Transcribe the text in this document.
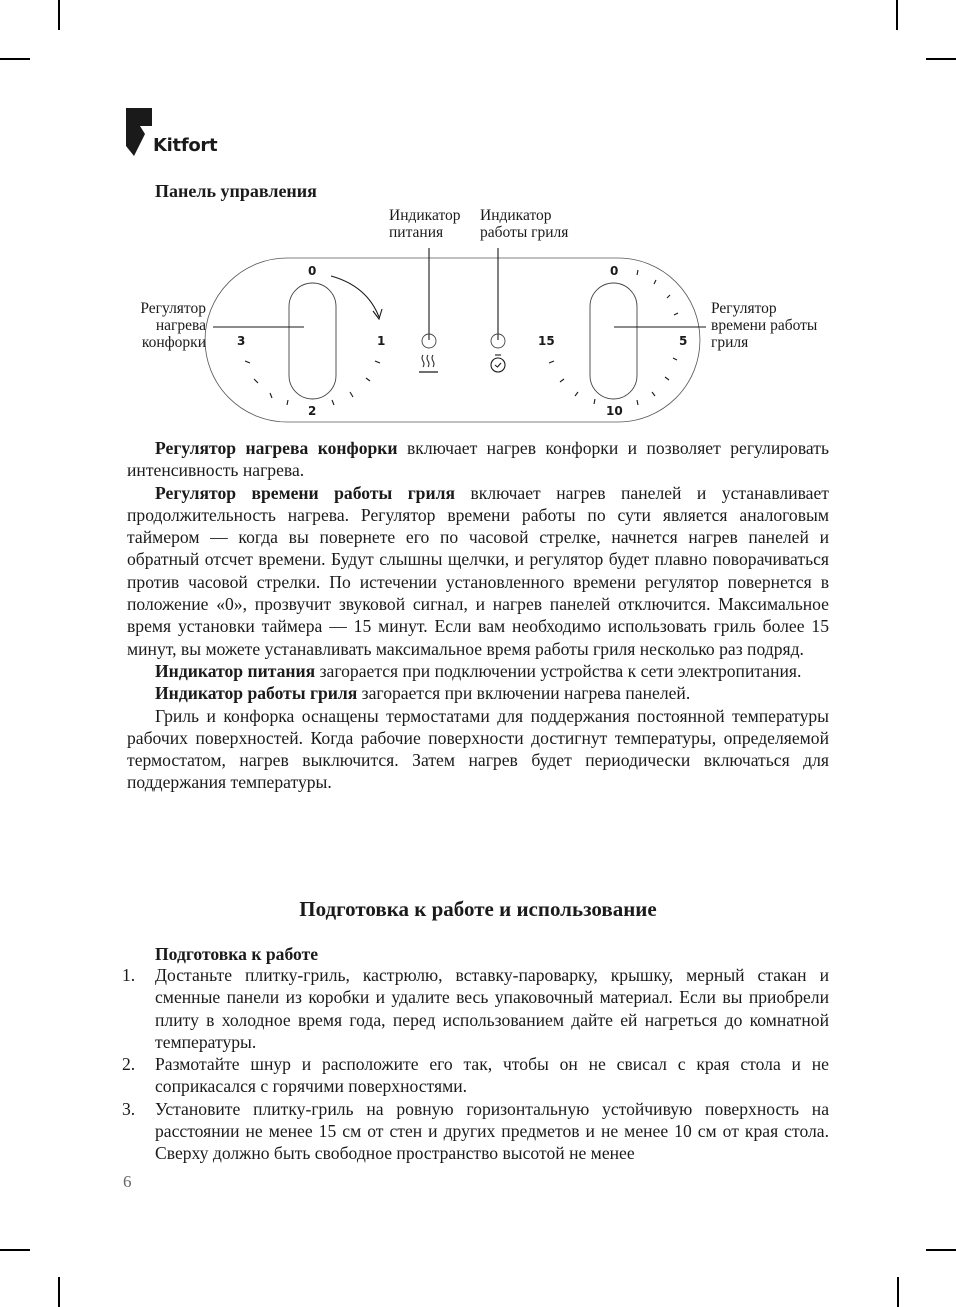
Kitfort
Панель управления
0
1
2
3
0
5
10
15
Регулятор
нагрева
конфорки
Индикатор
питания
Индикатор
работы гриля
Регулятор
времени работы
гриля

Регулятор нагрева конфорки включает нагрев конфорки и позволяет регулировать интенсивность нагрева.

Регулятор времени работы гриля включает нагрев панелей и устанавливает продолжительность нагрева. Регулятор времени работы по сути является аналоговым таймером — когда вы повернете его по часовой стрелке, начнется нагрев панелей и обратный отсчет времени. Будут слышны щелчки, и регулятор будет плавно поворачиваться против часовой стрелки. По истечении установленного времени регулятор повернется в положение «0», прозвучит звуковой сигнал, и нагрев панелей отключится. Максимальное время установки таймера — 15 минут. Если вам необходимо использовать гриль более 15 минут, вы можете устанавливать максимальное время работы гриля несколько раз подряд.

Индикатор питания загорается при подключении устройства к сети электропитания.

Индикатор работы гриля загорается при включении нагрева панелей.

Гриль и конфорка оснащены термостатами для поддержания постоянной температуры рабочих поверхностей. Когда рабочие поверхности достигнут температуры, определяемой термостатом, нагрев выключится. Затем нагрев будет периодически включаться для поддержания температуры.

Подготовка к работе и использование
Подготовка к работе
1. Достаньте плитку-гриль, кастрюлю, вставку-пароварку, крышку, мерный стакан и сменные панели из коробки и удалите весь упаковочный материал. Если вы приобрели плиту в холодное время года, перед использованием дайте ей нагреться до комнатной температуры.
2. Размотайте шнур и расположите его так, чтобы он не свисал с края стола и не соприкасался с горячими поверхностями.
3. Установите плитку-гриль на ровную горизонтальную устойчивую поверхность на расстоянии не менее 15 см от стен и других предметов и не менее 10 см от края стола. Сверху должно быть свободное пространство высотой не менее
6
